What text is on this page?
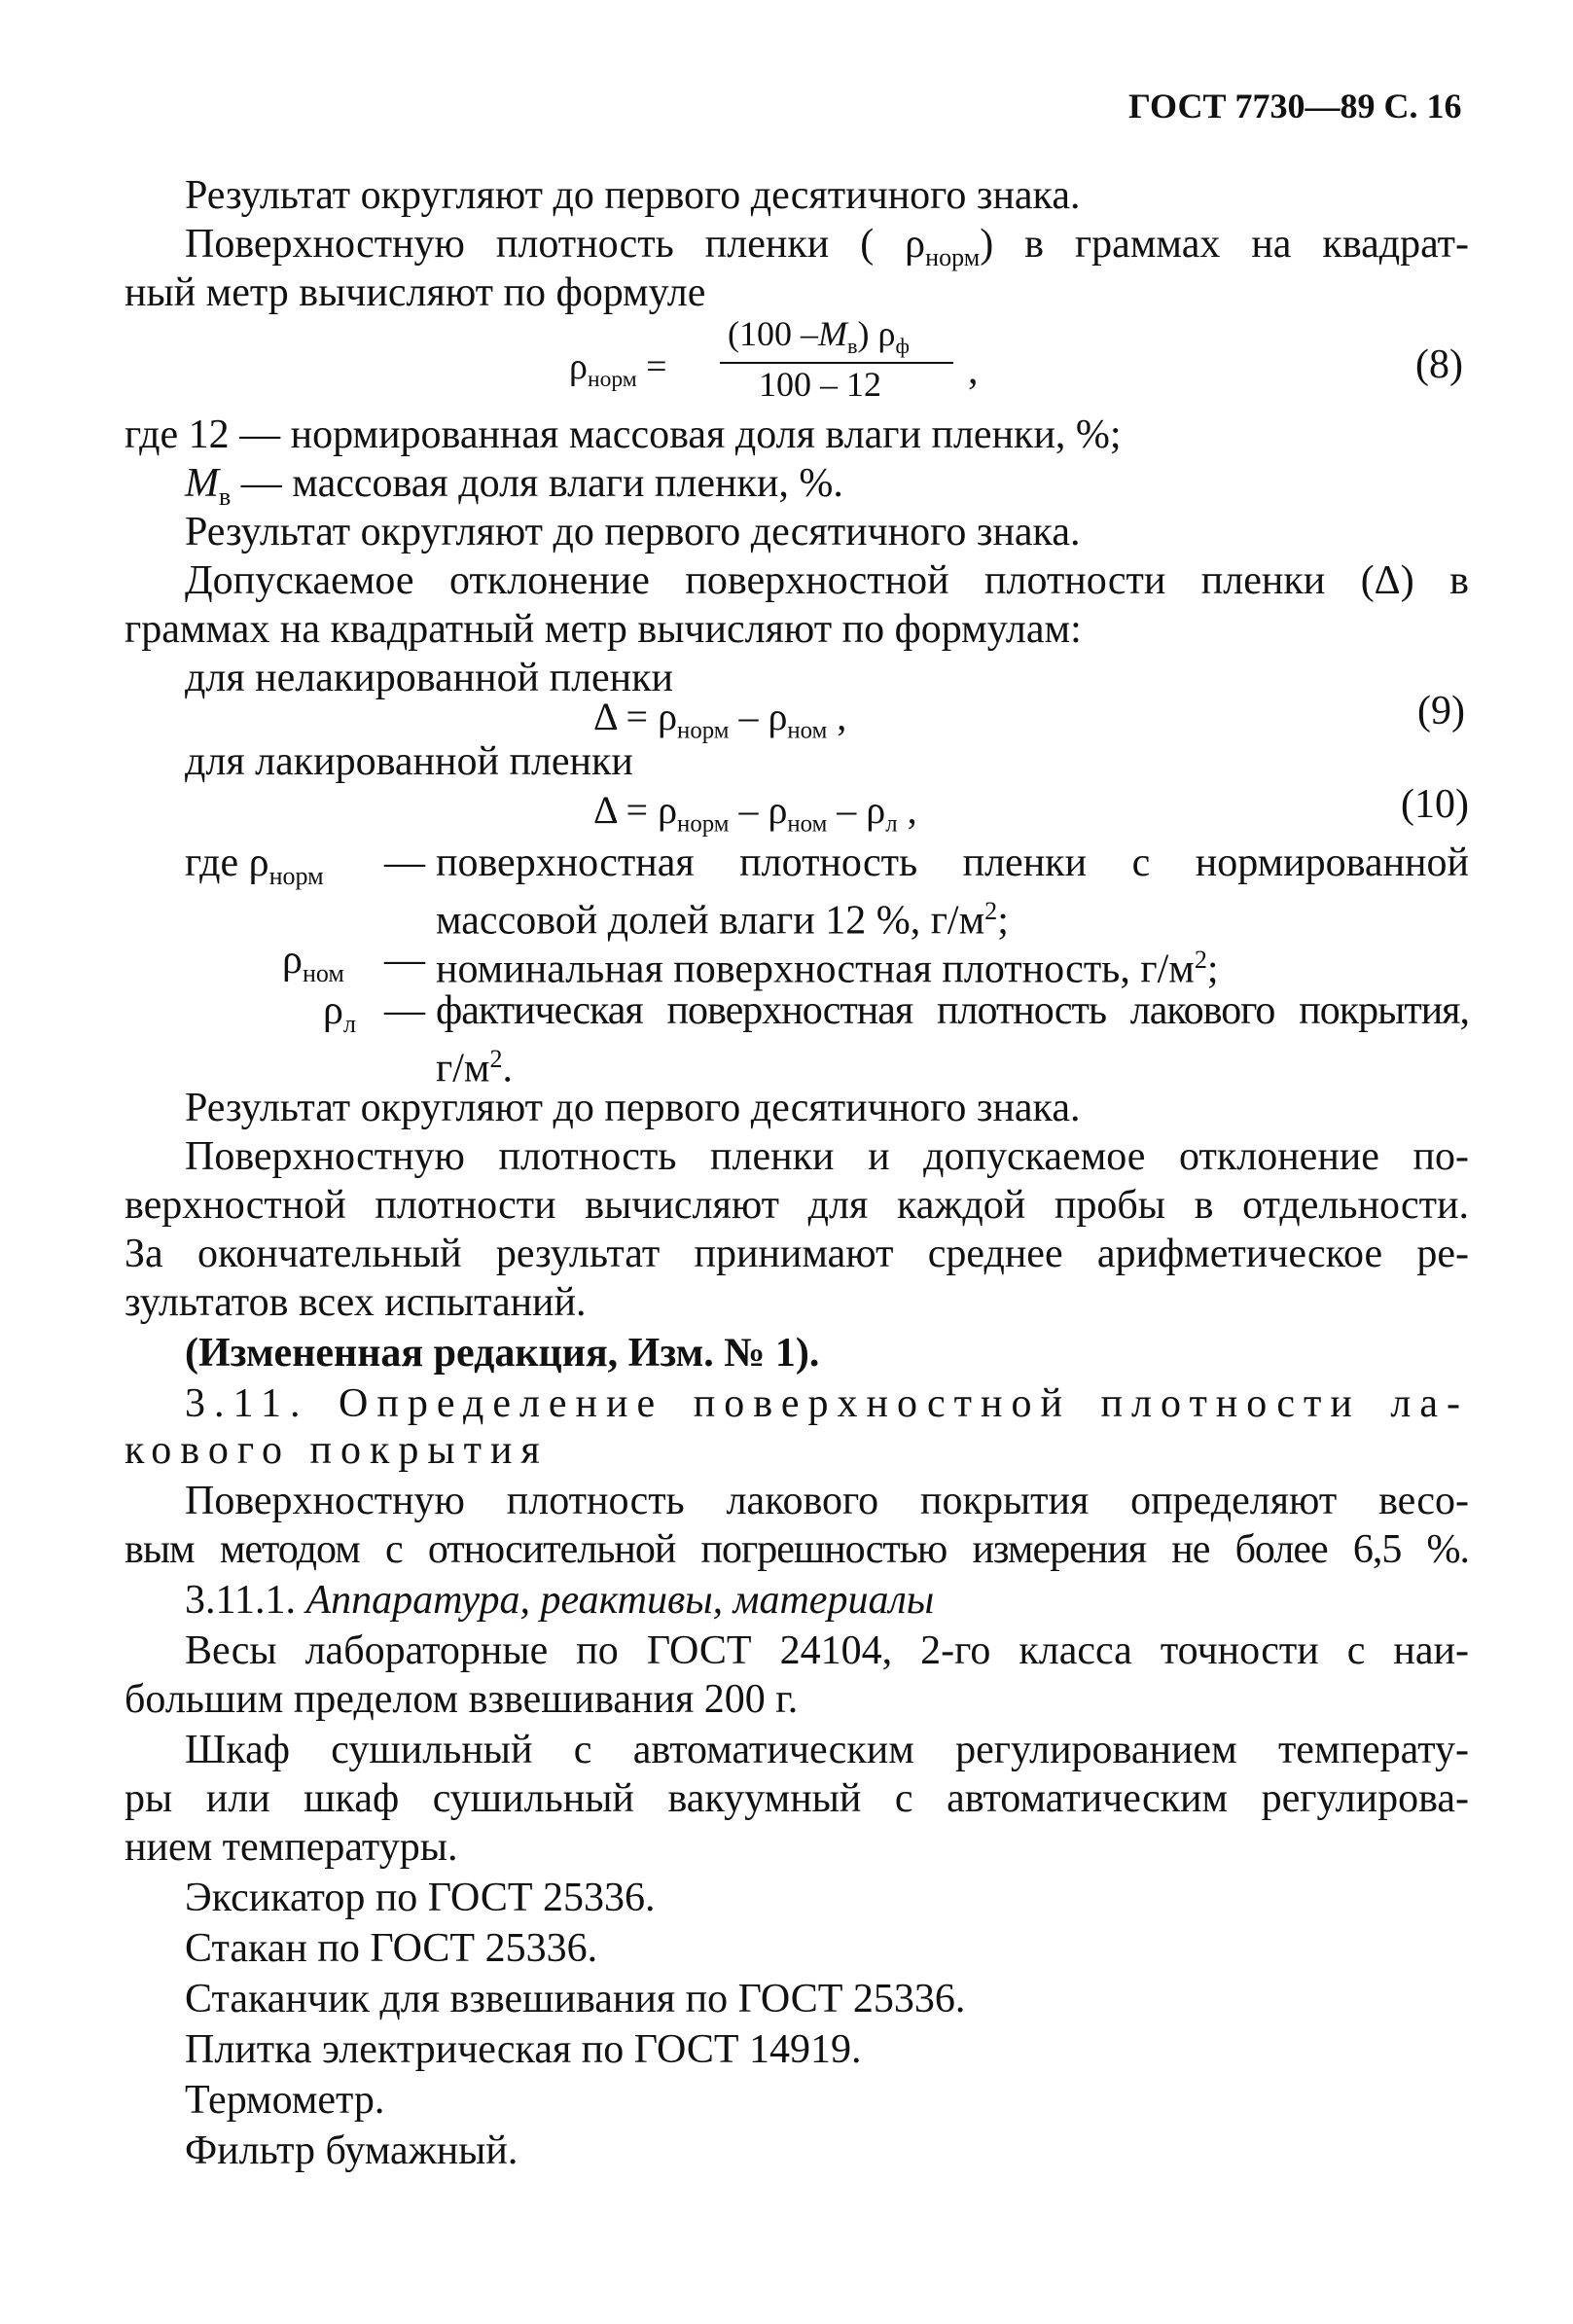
ГОСТ 7730—89 С. 16
Результат округляют до первого десятичного знака.
Поверхностную плотность пленки ( $\rho_{норм}$) в граммах на квадрат-
ный метр вычисляют по формуле
$\rho_{норм}$ =
(100 $-M_в$) $\rho_ф$
100 – 12 ,	(8)
где 12 — нормированная массовая доля влаги пленки, %;
$M_в$ — массовая доля влаги пленки, %.
Результат округляют до первого десятичного знака.
Допускаемое отклонение поверхностной плотности пленки (Δ) в
граммах на квадратный метр вычисляют по формулам:
для нелакированной пленки
$\Delta = \rho_{норм} - \rho_{ном}$ ,	(9)
для лакированной пленки
$\Delta = \rho_{норм} - \rho_{ном} - \rho_л$ ,	(10)
где $\rho_{норм}$ — поверхностная плотность пленки с нормированной
массовой долей влаги 12 %, $г/м^2$;
$\rho_{ном}$ — номинальная поверхностная плотность, $г/м^2$;
$\rho_л$ — фактическая поверхностная плотность лакового покрытия,
$г/м^2$.
Результат округляют до первого десятичного знака.
Поверхностную плотность пленки и допускаемое отклонение по-
верхностной плотности вычисляют для каждой пробы в отдельности.
За окончательный результат принимают среднее арифметическое ре-
зультатов всех испытаний.
(Измененная редакция, Изм. № 1).
3.11. Определение поверхностной плотности ла-
кового покрытия
Поверхностную плотность лакового покрытия определяют весо-
вым методом с относительной погрешностью измерения не более 6,5 %.
3.11.1. Аппаратура, реактивы, материалы
Весы лабораторные по ГОСТ 24104, 2-го класса точности с наи-
большим пределом взвешивания 200 г.
Шкаф сушильный с автоматическим регулированием температу-
ры или шкаф сушильный вакуумный с автоматическим регулирова-
нием температуры.
Эксикатор по ГОСТ 25336.
Стакан по ГОСТ 25336.
Стаканчик для взвешивания по ГОСТ 25336.
Плитка электрическая по ГОСТ 14919.
Термометр.
Фильтр бумажный.
